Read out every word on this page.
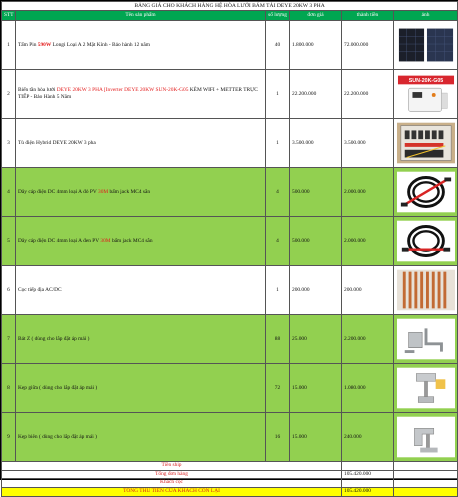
BẢNG GIÁ CHO KHÁCH HÀNG HỆ HÒA LƯỚI BÁM TẢI DEYE 20KW 3 PHA					
STT	Tên sản phẩm	số lượng	đơn giá	thành tiền	ảnh
1	Tấm Pin 590W Longi Loại A 2 Mặt Kính - Bảo hành 12 năm	40	1.800.000	72.000.000	

2	Biến tần hòa lưới DEYE 20KW 3 PHA [Inverter DEYE 20KW SUN-20K-G05 KÈM WIFI + METTER TRỰC TIẾP - Bảo Hành 5 Năm	1	22.200.000	22.200.000	SUN-20K-G05

3	Tủ điện Hybrid DEYE 20KW 3 pha	1	3.500.000	3.500.000	

4	Dây cáp điện DC 4mm loại A đỏ PV 30M bấm jack MC4 sẵn	4	500.000	2.000.000	

5	Dây cáp điện DC 4mm loại A đen PV 30M bấm jack MC4 sẵn	4	500.000	2.000.000	

6	Cọc tiếp địa AC/DC	1	200.000	200.000	

7	Bát Z ( dùng cho lắp đặt áp mái )	88	25.000	2.200.000	

8	Kẹp giữa ( dùng cho lắp đặt áp mái )	72	15.000	1.080.000	

9	Kẹp biên ( dùng cho lắp đặt áp mái )	16	15.000	240.000	

Tiền ship					
Tổng đơn hàng				105.420.000	
Khách cọc					
TỔNG THU TIỀN CỦA KHÁCH CÒN LẠI				105.420.000	
